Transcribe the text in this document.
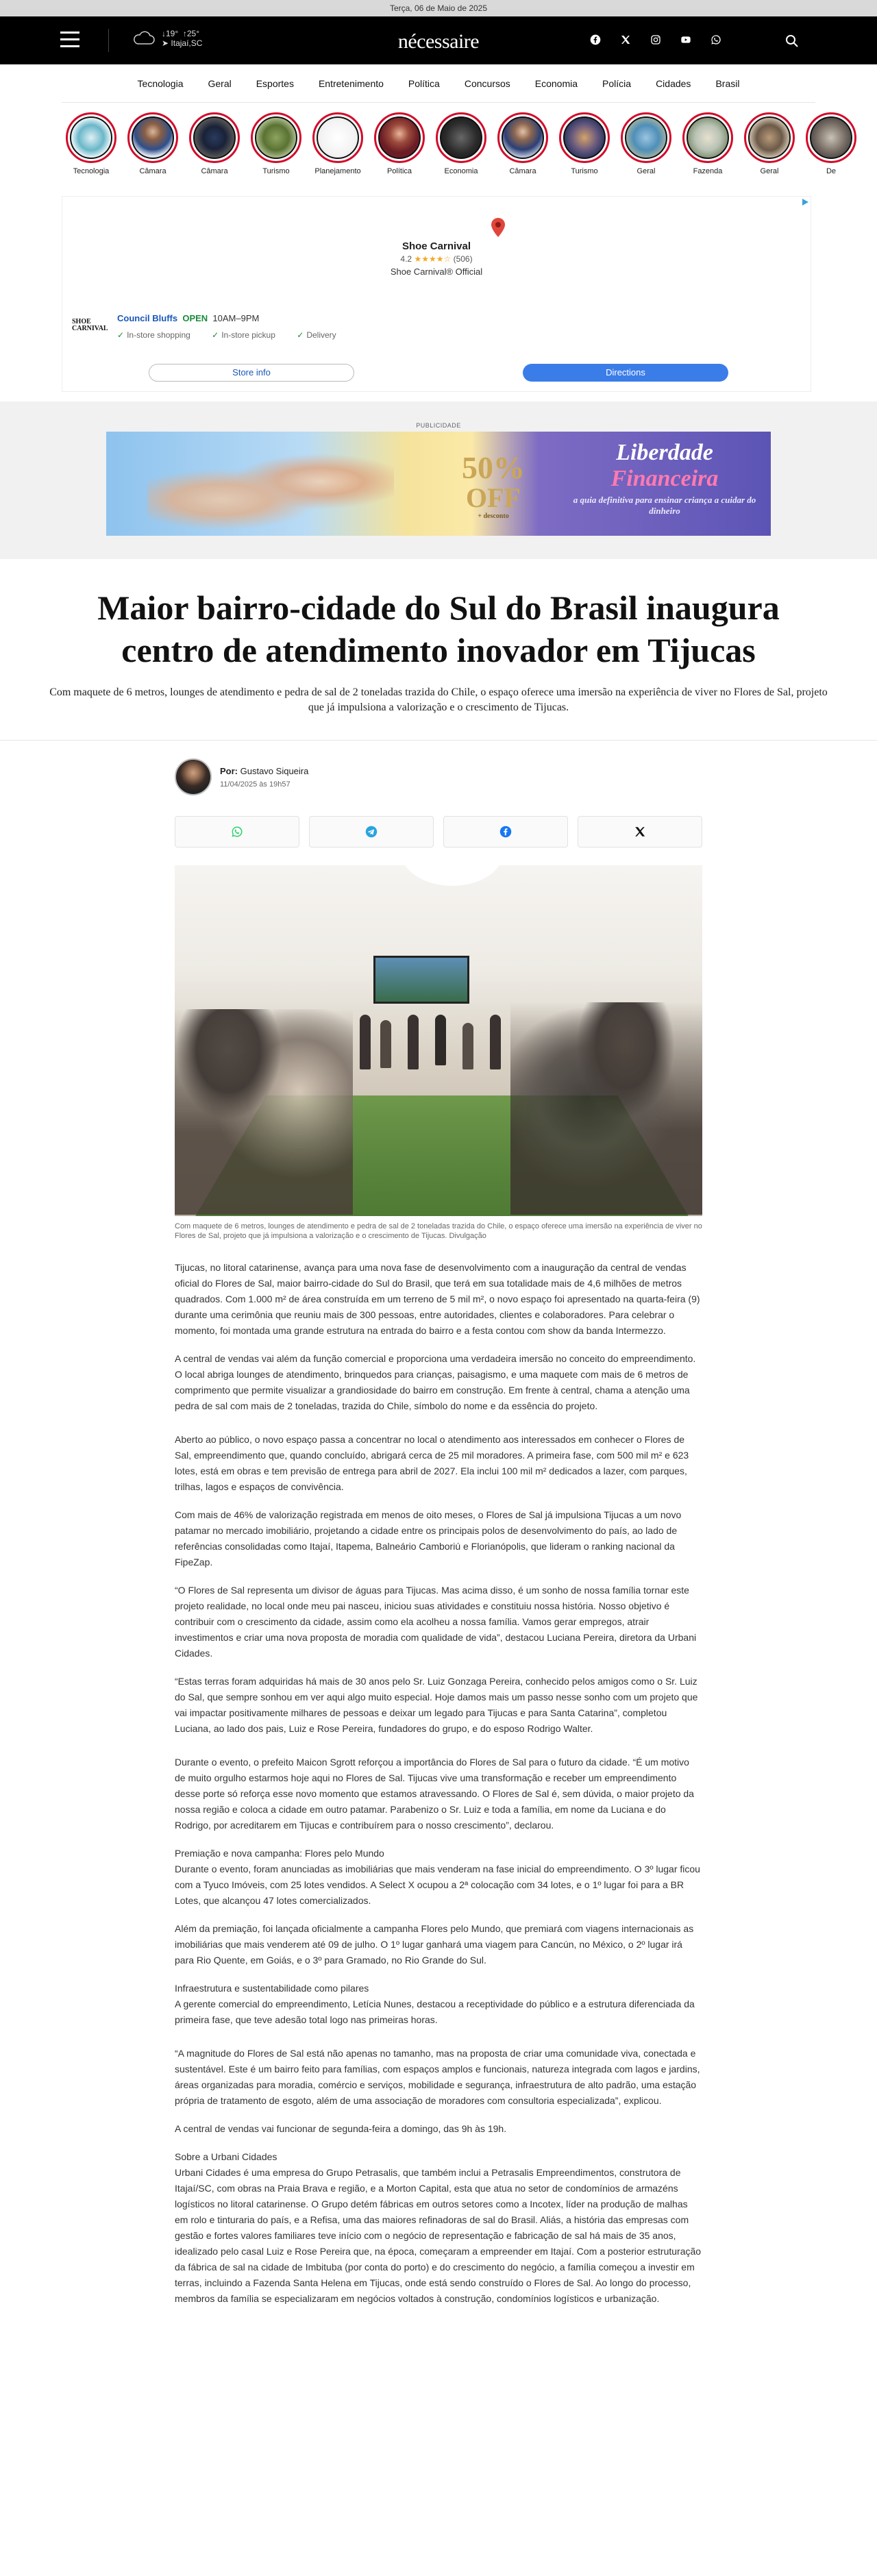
Terça, 06 de Maio de 2025
↓19° ↑25°
➤ Itajaí,SC	nécessaire
Tecnologia	Geral	Esportes	Entretenimento	Política	Concursos	Economia	Polícia	Cidades	Brasil
Tecnologia	Câmara	Câmara	Turismo	Planejamento	Política	Economia	Câmara	Turismo	Geral	Fazenda	Geral	De
Shoe Carnival
4.2 ★★★★☆ (506)
Shoe Carnival® Official
SHOE
CARNIVAL
Council Bluffs OPEN 10AM–9PM
✓ In-store shopping	✓ In-store pickup	✓ Delivery
Store info	Directions
PUBLICIDADE
50%
OFF
+ desconto
Liberdade
Financeira
a quia definitiva para ensinar criança a cuidar do dinheiro
Maior bairro-cidade do Sul do Brasil inaugura centro de atendimento inovador em Tijucas

Com maquete de 6 metros, lounges de atendimento e pedra de sal de 2 toneladas trazida do Chile, o espaço oferece uma imersão na experiência de viver no Flores de Sal, projeto que já impulsiona a valorização e o crescimento de Tijucas.

Por: Gustavo Siqueira
11/04/2025 às 19h57
Com maquete de 6 metros, lounges de atendimento e pedra de sal de 2 toneladas trazida do Chile, o espaço oferece uma imersão na experiência de viver no Flores de Sal, projeto que já impulsiona a valorização e o crescimento de Tijucas. Divulgação

Tijucas, no litoral catarinense, avança para uma nova fase de desenvolvimento com a inauguração da central de vendas oficial do Flores de Sal, maior bairro-cidade do Sul do Brasil, que terá em sua totalidade mais de 4,6 milhões de metros quadrados. Com 1.000 m² de área construída em um terreno de 5 mil m², o novo espaço foi apresentado na quarta-feira (9) durante uma cerimônia que reuniu mais de 300 pessoas, entre autoridades, clientes e colaboradores. Para celebrar o momento, foi montada uma grande estrutura na entrada do bairro e a festa contou com show da banda Intermezzo.

A central de vendas vai além da função comercial e proporciona uma verdadeira imersão no conceito do empreendimento. O local abriga lounges de atendimento, brinquedos para crianças, paisagismo, e uma maquete com mais de 6 metros de comprimento que permite visualizar a grandiosidade do bairro em construção. Em frente à central, chama a atenção uma pedra de sal com mais de 2 toneladas, trazida do Chile, símbolo do nome e da essência do projeto.

Aberto ao público, o novo espaço passa a concentrar no local o atendimento aos interessados em conhecer o Flores de Sal, empreendimento que, quando concluído, abrigará cerca de 25 mil moradores. A primeira fase, com 500 mil m² e 623 lotes, está em obras e tem previsão de entrega para abril de 2027. Ela inclui 100 mil m² dedicados a lazer, com parques, trilhas, lagos e espaços de convivência.

Com mais de 46% de valorização registrada em menos de oito meses, o Flores de Sal já impulsiona Tijucas a um novo patamar no mercado imobiliário, projetando a cidade entre os principais polos de desenvolvimento do país, ao lado de referências consolidadas como Itajaí, Itapema, Balneário Camboriú e Florianópolis, que lideram o ranking nacional da FipeZap.

“O Flores de Sal representa um divisor de águas para Tijucas. Mas acima disso, é um sonho de nossa família tornar este projeto realidade, no local onde meu pai nasceu, iniciou suas atividades e constituiu nossa história. Nosso objetivo é contribuir com o crescimento da cidade, assim como ela acolheu a nossa família. Vamos gerar empregos, atrair investimentos e criar uma nova proposta de moradia com qualidade de vida”, destacou Luciana Pereira, diretora da Urbani Cidades.

“Estas terras foram adquiridas há mais de 30 anos pelo Sr. Luiz Gonzaga Pereira, conhecido pelos amigos como o Sr. Luiz do Sal, que sempre sonhou em ver aqui algo muito especial. Hoje damos mais um passo nesse sonho com um projeto que vai impactar positivamente milhares de pessoas e deixar um legado para Tijucas e para Santa Catarina”, completou Luciana, ao lado dos pais, Luiz e Rose Pereira, fundadores do grupo, e do esposo Rodrigo Walter.

Durante o evento, o prefeito Maicon Sgrott reforçou a importância do Flores de Sal para o futuro da cidade. “É um motivo de muito orgulho estarmos hoje aqui no Flores de Sal. Tijucas vive uma transformação e receber um empreendimento desse porte só reforça esse novo momento que estamos atravessando. O Flores de Sal é, sem dúvida, o maior projeto da nossa região e coloca a cidade em outro patamar. Parabenizo o Sr. Luiz e toda a família, em nome da Luciana e do Rodrigo, por acreditarem em Tijucas e contribuírem para o nosso crescimento”, declarou.

Premiação e nova campanha: Flores pelo Mundo

Durante o evento, foram anunciadas as imobiliárias que mais venderam na fase inicial do empreendimento. O 3º lugar ficou com a Tyuco Imóveis, com 25 lotes vendidos. A Select X ocupou a 2ª colocação com 34 lotes, e o 1º lugar foi para a BR Lotes, que alcançou 47 lotes comercializados.

Além da premiação, foi lançada oficialmente a campanha Flores pelo Mundo, que premiará com viagens internacionais as imobiliárias que mais venderem até 09 de julho. O 1º lugar ganhará uma viagem para Cancún, no México, o 2º lugar irá para Rio Quente, em Goiás, e o 3º para Gramado, no Rio Grande do Sul.

Infraestrutura e sustentabilidade como pilares

A gerente comercial do empreendimento, Letícia Nunes, destacou a receptividade do público e a estrutura diferenciada da primeira fase, que teve adesão total logo nas primeiras horas.

“A magnitude do Flores de Sal está não apenas no tamanho, mas na proposta de criar uma comunidade viva, conectada e sustentável. Este é um bairro feito para famílias, com espaços amplos e funcionais, natureza integrada com lagos e jardins, áreas organizadas para moradia, comércio e serviços, mobilidade e segurança, infraestrutura de alto padrão, uma estação própria de tratamento de esgoto, além de uma associação de moradores com consultoria especializada”, explicou.

A central de vendas vai funcionar de segunda-feira a domingo, das 9h às 19h.

Sobre a Urbani Cidades

Urbani Cidades é uma empresa do Grupo Petrasalis, que também inclui a Petrasalis Empreendimentos, construtora de Itajaí/SC, com obras na Praia Brava e região, e a Morton Capital, esta que atua no setor de condomínios de armazéns logísticos no litoral catarinense. O Grupo detém fábricas em outros setores como a Incotex, líder na produção de malhas em rolo e tinturaria do país, e a Refisa, uma das maiores refinadoras de sal do Brasil. Aliás, a história das empresas com gestão e fortes valores familiares teve início com o negócio de representação e fabricação de sal há mais de 35 anos, idealizado pelo casal Luiz e Rose Pereira que, na época, começaram a empreender em Itajaí. Com a posterior estruturação da fábrica de sal na cidade de Imbituba (por conta do porto) e do crescimento do negócio, a família começou a investir em terras, incluindo a Fazenda Santa Helena em Tijucas, onde está sendo construído o Flores de Sal. Ao longo do processo, membros da família se especializaram em negócios voltados à construção, condomínios logísticos e urbanização.
